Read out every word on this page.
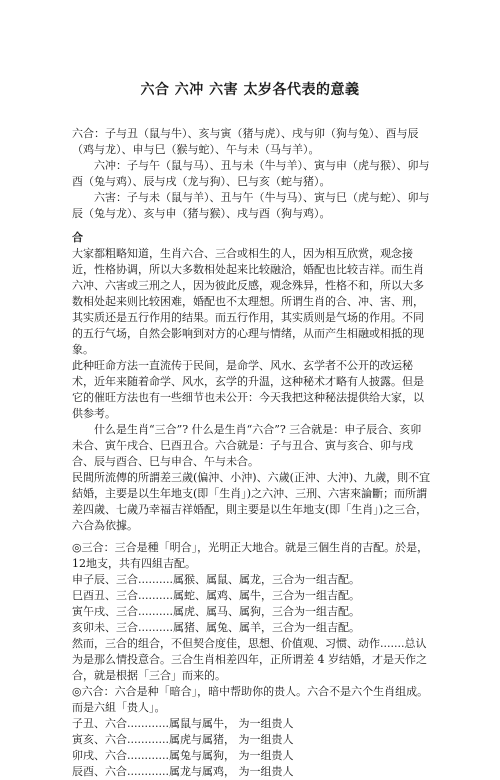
六合 六冲 六害 太岁各代表的意義

六合：子与丑（鼠与牛）、亥与寅（猪与虎）、戌与卯（狗与兔）、酉与辰（鸡与龙）、申与巳（猴与蛇）、午与未（马与羊）。

六冲：子与午（鼠与马）、丑与未（牛与羊）、寅与申（虎与猴）、卯与酉（兔与鸡）、辰与戌（龙与狗）、巳与亥（蛇与猪）。

六害：子与未（鼠与羊）、丑与午（牛与马）、寅与巳（虎与蛇）、卯与辰（兔与龙）、亥与申（猪与猴）、戌与酉（狗与鸡）。

合

大家都粗略知道，生肖六合、三合或相生的人，因为相互欣赏，观念接近，性格协调，所以大多数相处起来比较融洽，婚配也比较吉祥。而生肖六冲、六害或三刑之人，因为彼此反感，观念殊异，性格不和，所以大多数相处起来则比较困难，婚配也不太理想。所谓生肖的合、冲、害、刑，其实质还是五行作用的结果。而五行作用，其实质则是气场的作用。不同的五行气场，自然会影响到对方的心理与情绪，从而产生相融或相抵的现象。

此种旺命方法一直流传于民间，是命学、风水、玄学者不公开的改运秘术，近年来随着命学、风水，玄学的升温，这种秘术才略有人披露。但是它的催旺方法也有一些细节也未公开：今天我把这种秘法提供给大家，以供参考。

什么是生肖“三合”? 什么是生肖“六合”? 三合就是：申子辰合、亥卯未合、寅午戌合、巳酉丑合。六合就是：子与丑合、寅与亥合、卯与戌合、辰与酉合、巳与申合、午与未合。

民間所流傳的所謂差三歲(偏沖、小沖)、六歲(正沖、大沖)、九歲，則不宜結婚，主要是以生年地支(即「生肖」)之六沖、三刑、六害來論斷；而所謂差四歲、七歲乃幸福吉祥婚配，則主要是以生年地支(即「生肖」)之三合，六合為依據。

◎三合：三合是種「明合」，光明正大地合。就是三個生肖的吉配。於是，12地支，共有四組吉配。

申子辰、三合..........属猴、属鼠、属龙，三合为一组吉配。

巳酉丑、三合..........属蛇、属鸡、属牛，三合为一组吉配。

寅午戌、三合..........属虎、属马、属狗，三合为一组吉配。

亥卯未、三合..........属猪、属兔、属羊，三合为一组吉配。

然而，三合的组合，不但契合度佳，思想、价值观、习惯、动作.......总认为是那么情投意合。三合生肖相差四年，正所谓差 4 岁结婚，才是天作之合，就是根据「三合」而来的。

◎六合：六合是种「暗合」，暗中帮助你的贵人。六合不是六个生肖组成。而是六組「贵人」。

子丑、六合............属鼠与属牛， 为一组贵人

寅亥、六合............属虎与属猪， 为一组贵人

卯戌、六合............属兔与属狗， 为一组贵人

辰酉、六合............属龙与属鸡， 为一组贵人
